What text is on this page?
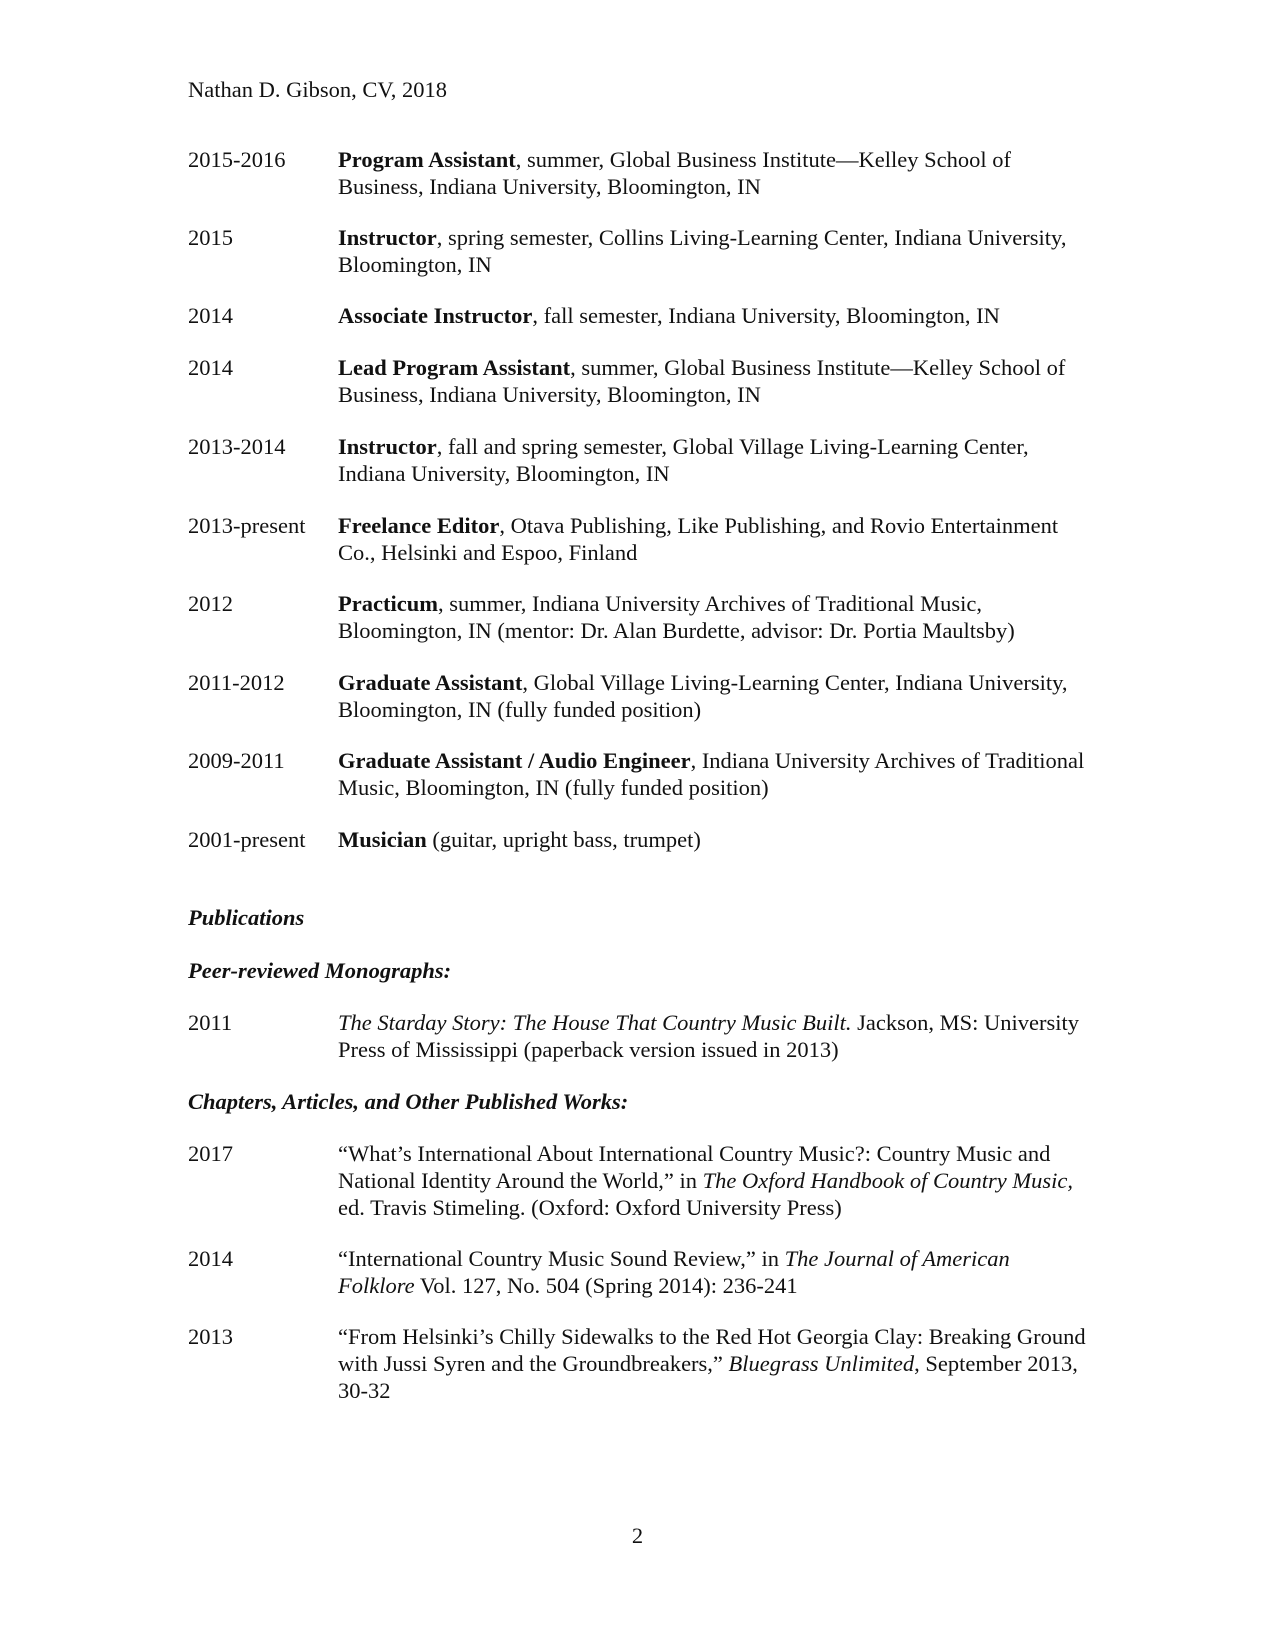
Nathan D. Gibson, CV, 2018
2015-2016	Program Assistant, summer, Global Business Institute—Kelley School of Business, Indiana University, Bloomington, IN
2015	Instructor, spring semester, Collins Living-Learning Center, Indiana University, Bloomington, IN
2014	Associate Instructor, fall semester, Indiana University, Bloomington, IN
2014	Lead Program Assistant, summer, Global Business Institute—Kelley School of Business, Indiana University, Bloomington, IN
2013-2014	Instructor, fall and spring semester, Global Village Living-Learning Center, Indiana University, Bloomington, IN
2013-present	Freelance Editor, Otava Publishing, Like Publishing, and Rovio Entertainment Co., Helsinki and Espoo, Finland
2012	Practicum, summer, Indiana University Archives of Traditional Music, Bloomington, IN (mentor: Dr. Alan Burdette, advisor: Dr. Portia Maultsby)
2011-2012	Graduate Assistant, Global Village Living-Learning Center, Indiana University, Bloomington, IN (fully funded position)
2009-2011	Graduate Assistant / Audio Engineer, Indiana University Archives of Traditional Music, Bloomington, IN (fully funded position)
2001-present	Musician (guitar, upright bass, trumpet)
Publications
Peer-reviewed Monographs:
2011	The Starday Story: The House That Country Music Built. Jackson, MS: University Press of Mississippi (paperback version issued in 2013)
Chapters, Articles, and Other Published Works:
2017	“What’s International About International Country Music?: Country Music and National Identity Around the World,” in The Oxford Handbook of Country Music, ed. Travis Stimeling. (Oxford: Oxford University Press)
2014	“International Country Music Sound Review,” in The Journal of American Folklore Vol. 127, No. 504 (Spring 2014): 236-241
2013	“From Helsinki’s Chilly Sidewalks to the Red Hot Georgia Clay: Breaking Ground with Jussi Syren and the Groundbreakers,” Bluegrass Unlimited, September 2013, 30-32
2
